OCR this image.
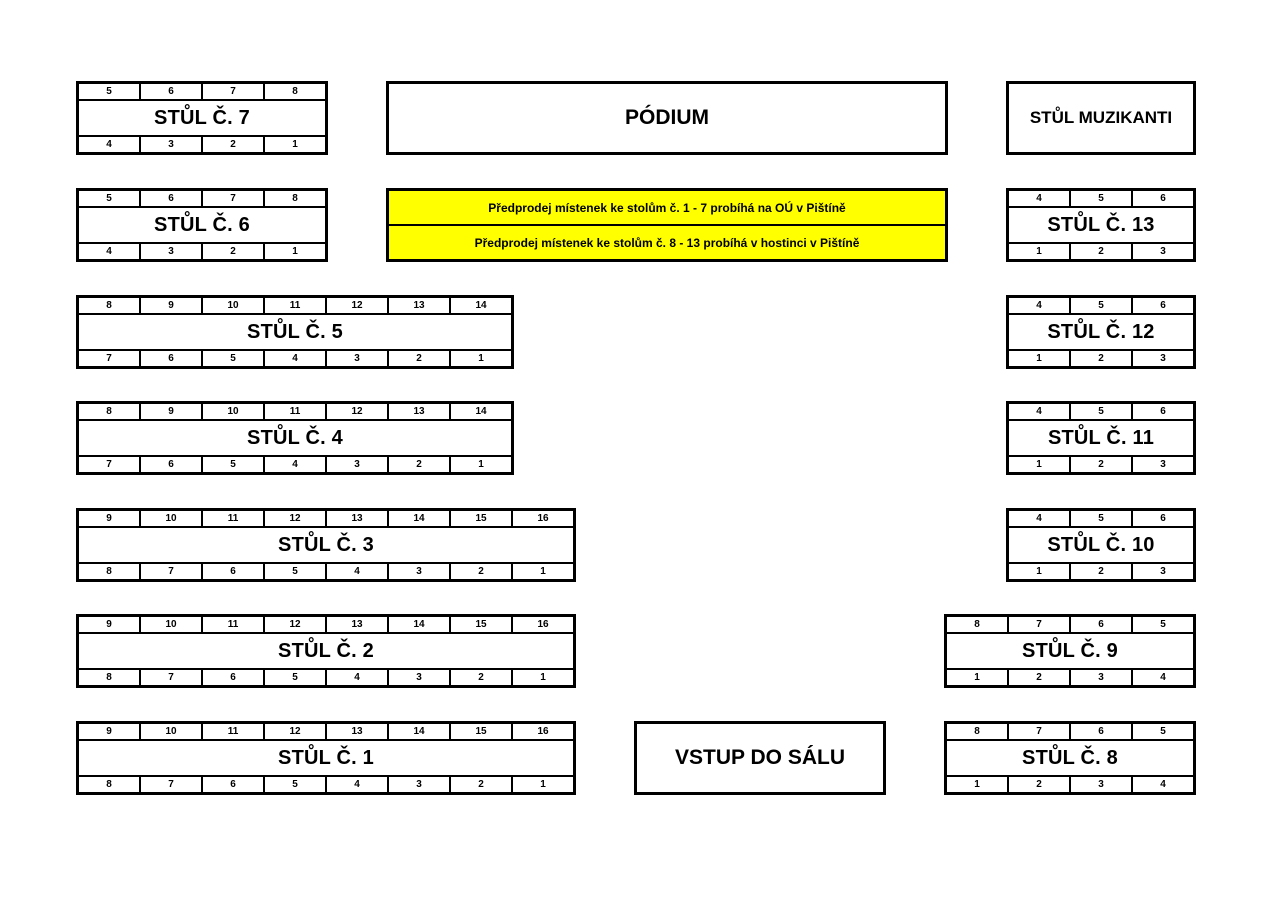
PÓDIUM	STŮL MUZIKANTI
VSTUP DO SÁLU
Předprodej místenek ke stolům č. 1 - 7 probíhá na OÚ v Pištíně
Předprodej místenek ke stolům č. 8 - 13 probíhá v hostinci v Pištíně
5	6	7	8
STŮL Č. 7
4	3	2	1
5	6	7	8
STŮL Č. 6
4	3	2	1
8	9	10	11	12	13	14
STŮL Č. 5
7	6	5	4	3	2	1
8	9	10	11	12	13	14
STŮL Č. 4
7	6	5	4	3	2	1
9	10	11	12	13	14	15	16
STŮL Č. 3
8	7	6	5	4	3	2	1
9	10	11	12	13	14	15	16
STŮL Č. 2
8	7	6	5	4	3	2	1
9	10	11	12	13	14	15	16
STŮL Č. 1
8	7	6	5	4	3	2	1
4	5	6
STŮL Č. 13
1	2	3
4	5	6
STŮL Č. 12
1	2	3
4	5	6
STŮL Č. 11
1	2	3
4	5	6
STŮL Č. 10
1	2	3
8	7	6	5
STŮL Č. 9
1	2	3	4
8	7	6	5
STŮL Č. 8
1	2	3	4
